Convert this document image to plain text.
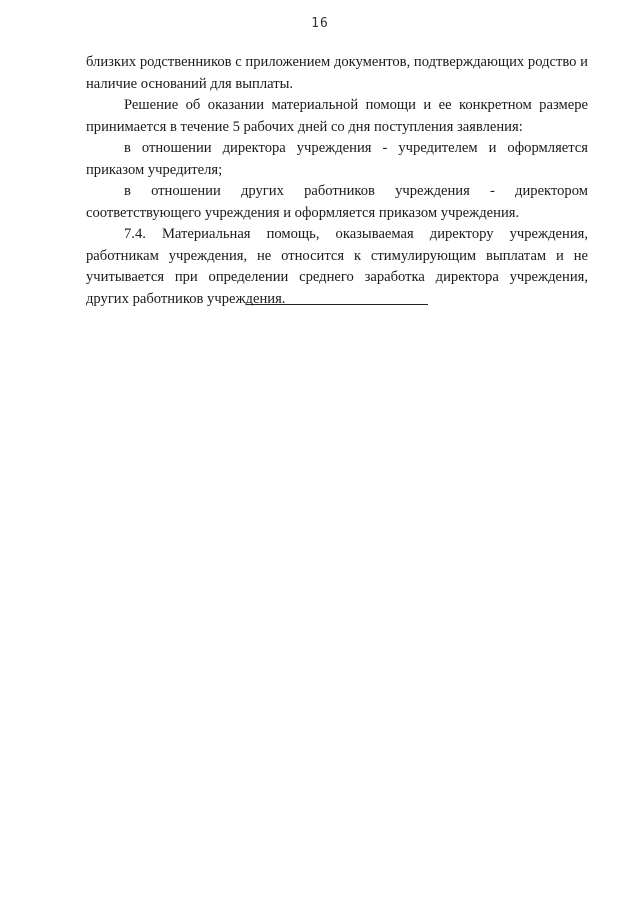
16

близких родственников с приложением документов, подтверждающих родство и наличие оснований для выплаты.

Решение об оказании материальной помощи и ее конкретном размере принимается в течение 5 рабочих дней со дня поступления заявления:

в отношении директора учреждения - учредителем и оформляется приказом учредителя;

в отношении других работников учреждения - директором соответствующего учреждения и оформляется приказом учреждения.

7.4. Материальная помощь, оказываемая директору учреждения, работникам учреждения, не относится к стимулирующим выплатам и не учитывается при определении среднего заработка директора учреждения, других работников учреждения.
